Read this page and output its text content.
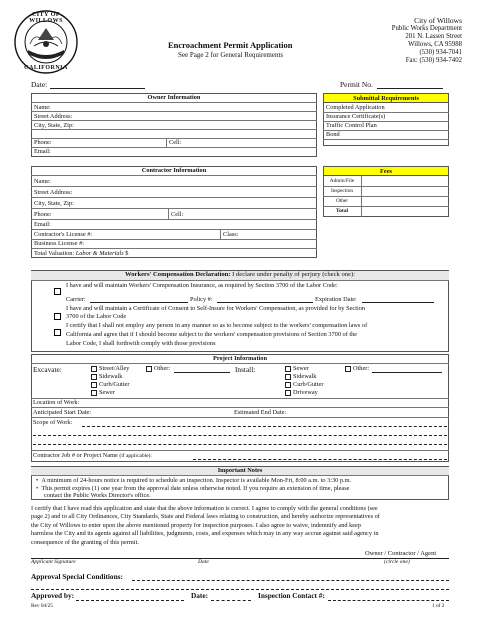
CITY OF WILLOWS
CALIFORNIA
Encroachment Permit Application
See Page 2 for General Requirements
City of Willows
Public Works Department
201 N. Lassen Street
Willows, CA 95988
(530) 934-7041
Fax: (530) 934-7402
Date:	Permit No.
Owner Information
Name:
Street Address:
City, State, Zip:
Phone:	Cell:
Email:
Submittal Requirements
Completed Application
Insurance Certificate(s)
Traffic Control Plan
Bond
Contractor Information
Name:
Street Address:
City, State, Zip:
Phone:	Cell:
Email:
Contractor's License #:	Class:
Business License #:
Total Valuation: Labor & Materials $
Fees
Admin/File
Inspection
Other
Total
Workers' Compensation Declaration: I declare under penalty of perjury (check one):
I have and will maintain Workers' Compensation Insurance, as required by Section 3700 of the Labor Code:
Carrier:	Policy #:	Expiration Date:
I have and will maintain a Certificate of Consent to Self-Insure for Workers' Compensation, as provided for by Section
3700 of the Labor Code
I certify that I shall not employ any person in any manner so as to become subject to the workers' compensation laws of
California and agree that if I should become subject to the workers' compensation provisions of Section 3700 of the
Labor Code, I shall forthwith comply with those provisions
Project Information
Excavate:	Street/Alley
Sidewalk
Curb/Gutter
Sewer
Other:	Install:	Sewer
Sidewalk
Curb/Gutter
Driveway
Other:
Location of Work:
Anticipated Start Date:	Estimated End Date:
Scope of Work:
Contractor Job # or Project Name (if applicable):
Important Notes
•  A minimum of 24-hours notice is required to schedule an inspection. Inspector is available Mon-Fri, 8:00 a.m. to 3:30 p.m.
•  This permit expires (1) one year from the approval date unless otherwise noted. If you require an extension of time, please
contact the Public Works Director's office.
I certify that I have read this application and state that the above information is correct. I agree to comply with the general conditions (see
page 2) and to all City Ordinances, City Standards, State and Federal laws relating to construction, and hereby authorize representatives of
the City of Willows to enter upon the above mentioned property for inspection purposes. I also agree to waive, indemnify and keep
harmless the City and its agents against all liabilities, judgments, costs, and expenses which may in any way accrue against said agency in
consequence of the granting of this permit.
Owner / Contractor / Agent
Applicant Signature	Date	(circle one)
Approval Special Conditions:
Approved by:	Date:	Inspection Contact #:
Rev 04/25	1 of 2
